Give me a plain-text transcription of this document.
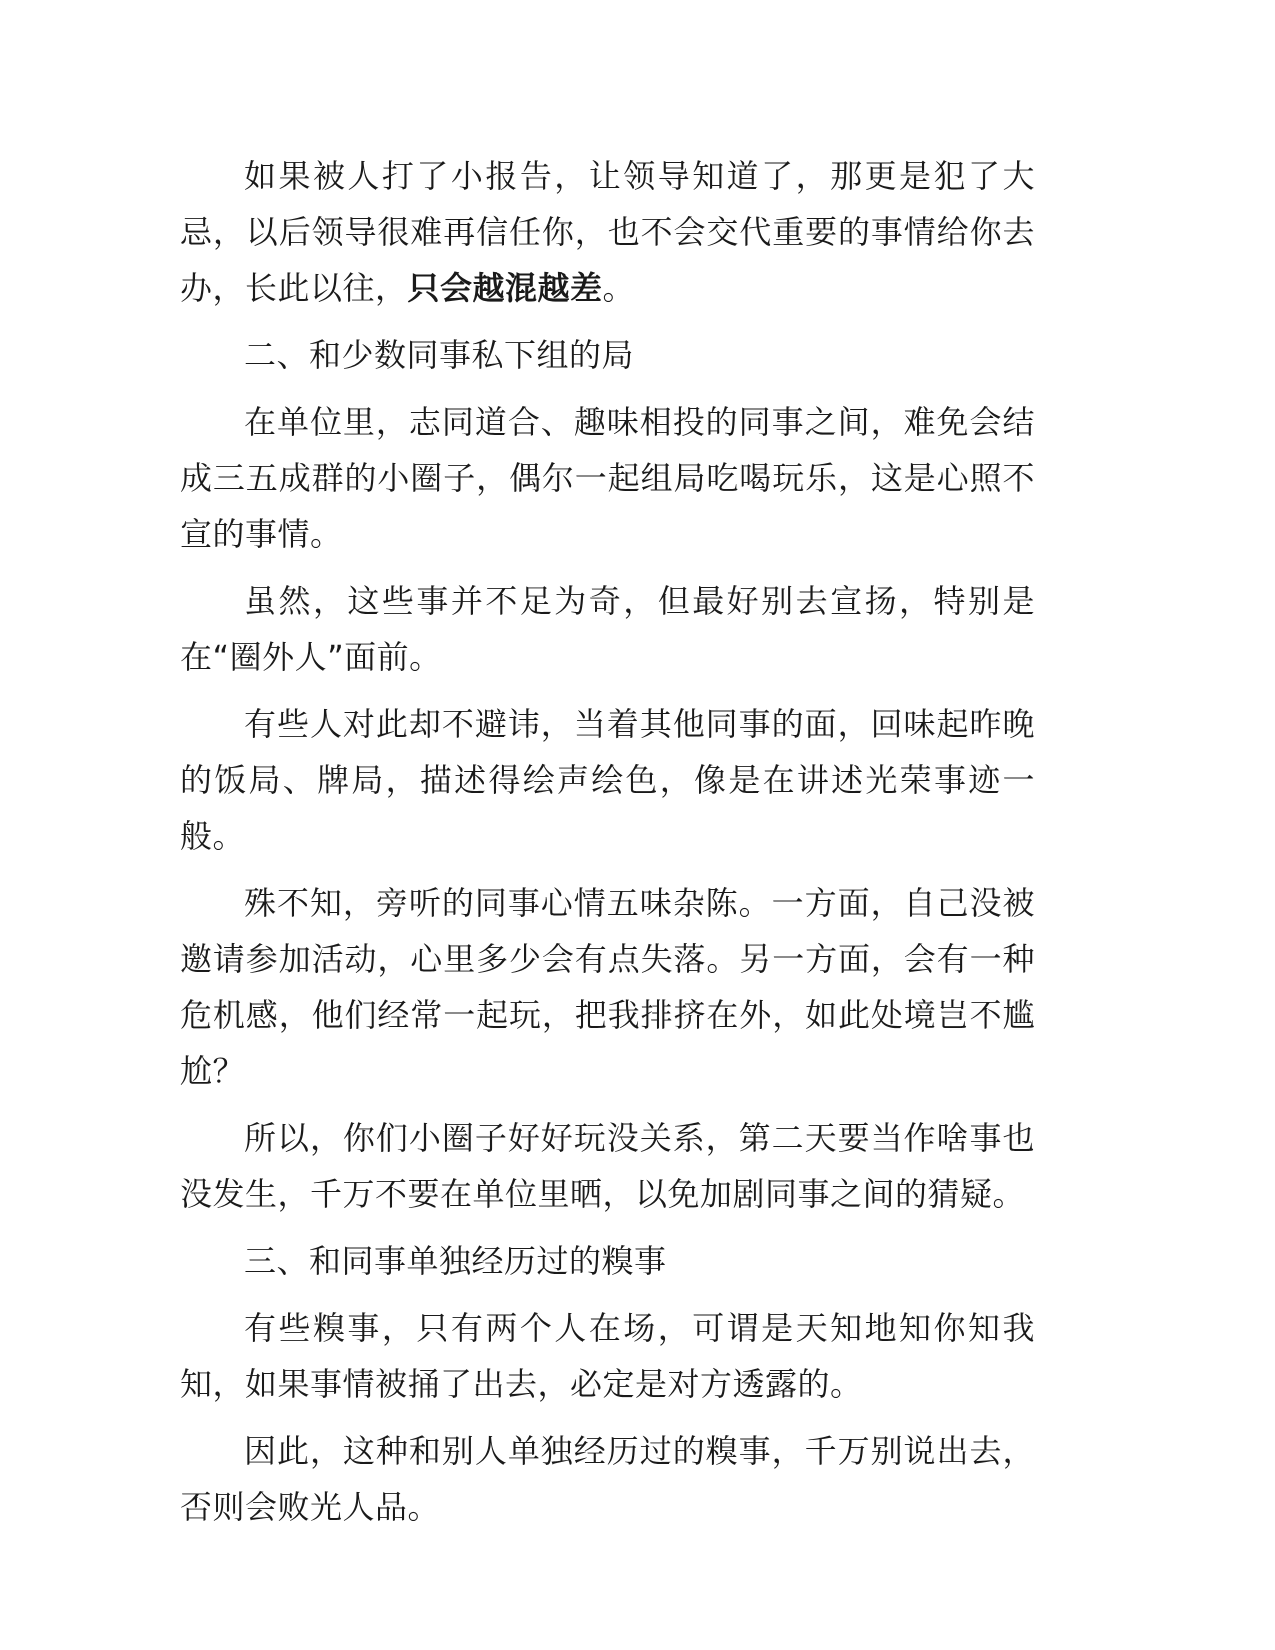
如果被人打了小报告，让领导知道了，那更是犯了大忌，以后领导很难再信任你，也不会交代重要的事情给你去办，长此以往，只会越混越差。

二、和少数同事私下组的局

在单位里，志同道合、趣味相投的同事之间，难免会结成三五成群的小圈子，偶尔一起组局吃喝玩乐，这是心照不宣的事情。

虽然，这些事并不足为奇，但最好别去宣扬，特别是在“圈外人”面前。

有些人对此却不避讳，当着其他同事的面，回味起昨晚的饭局、牌局，描述得绘声绘色，像是在讲述光荣事迹一般。

殊不知，旁听的同事心情五味杂陈。一方面，自己没被邀请参加活动，心里多少会有点失落。另一方面，会有一种危机感，他们经常一起玩，把我排挤在外，如此处境岂不尴尬？

所以，你们小圈子好好玩没关系，第二天要当作啥事也没发生，千万不要在单位里晒，以免加剧同事之间的猜疑。

三、和同事单独经历过的糗事

有些糗事，只有两个人在场，可谓是天知地知你知我知，如果事情被捅了出去，必定是对方透露的。

因此，这种和别人单独经历过的糗事，千万别说出去，否则会败光人品。
